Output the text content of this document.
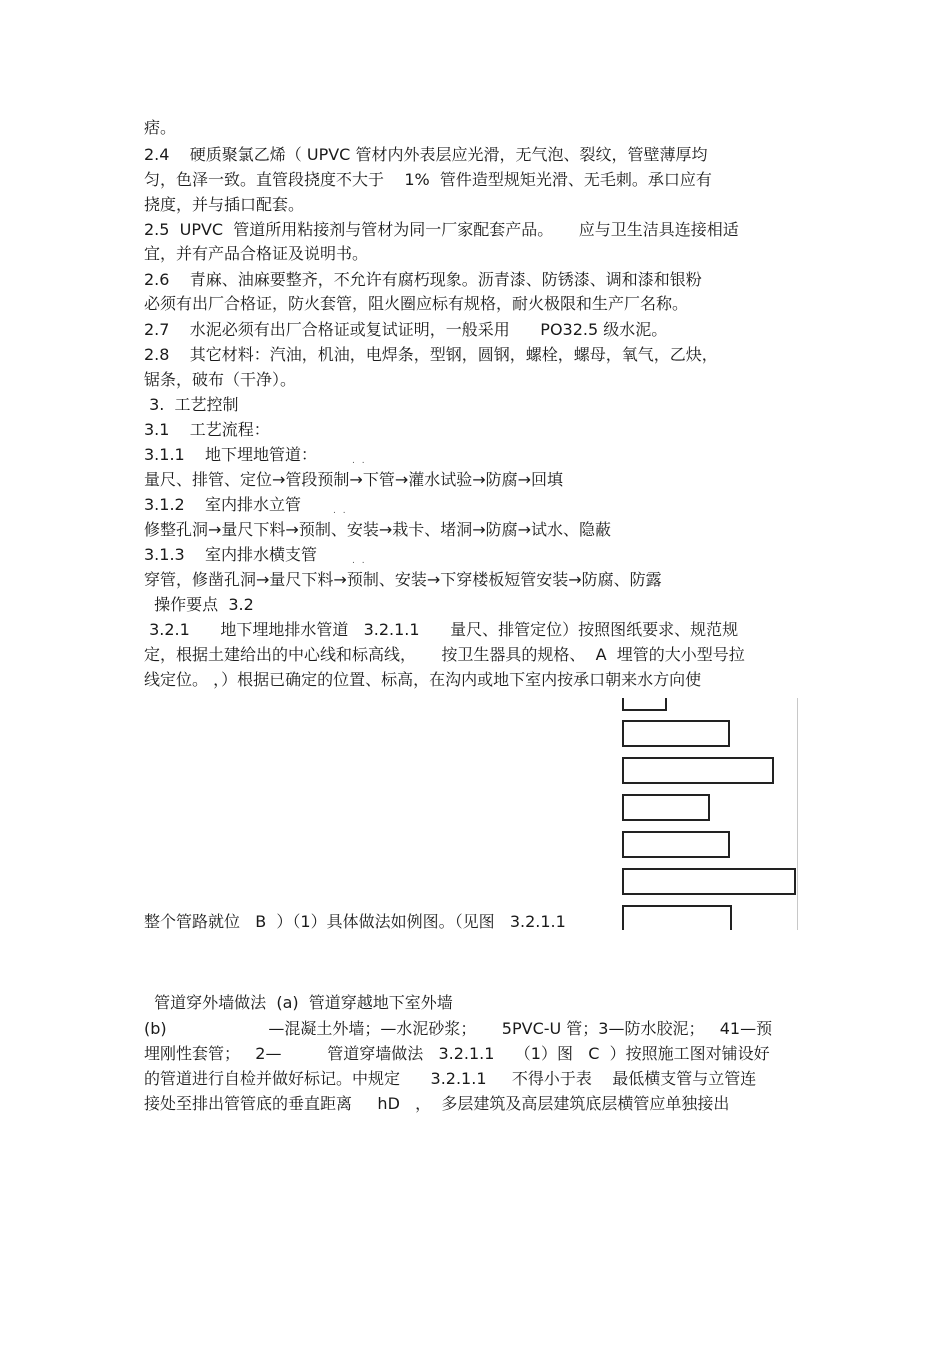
痞。
2.4    硬质聚氯乙烯（ UPVC 管材内外表层应光滑，无气泡、裂纹，管壁薄厚均
匀，色泽一致。直管段挠度不大于    1%  管件造型规矩光滑、无毛刺。承口应有
挠度，并与插口配套。
2.5  UPVC  管道所用粘接剂与管材为同一厂家配套产品。     应与卫生洁具连接相适
宜，并有产品合格证及说明书。
2.6    青麻、油麻要整齐，不允许有腐朽现象。沥青漆、防锈漆、调和漆和银粉
必须有出厂合格证，防火套管，阻火圈应标有规格，耐火极限和生产厂名称。
2.7    水泥必须有出厂合格证或复试证明，一般采用      PO32.5 级水泥。
2.8    其它材料：汽油，机油，电焊条，型钢，圆钢，螺栓，螺母，氧气，乙炔，
锯条，破布（干净）。
3.  工艺控制
3.1    工艺流程：
3.1.1    地下埋地管道：	. .
量尺、排管、定位→管段预制→下管→灌水试验→防腐→回填
3.1.2    室内排水立管	. .
修整孔洞→量尺下料→预制、安装→栽卡、堵洞→防腐→试水、隐蔽
3.1.3    室内排水横支管	. .
穿管，修凿孔洞→量尺下料→预制、安装→下穿楼板短管安装→防腐、防露
操作要点  3.2
3.2.1      地下埋地排水管道   3.2.1.1      量尺、排管定位）按照图纸要求、规范规
定，根据土建给出的中心线和标高线，     按卫生器具的规格、  A  埋管的大小型号拉
线定位。 ，）根据已确定的位置、标高，在沟内或地下室内按承口朝来水方向使
整个管路就位   B  ）（1）具体做法如例图。（见图   3.2.1.1
管道穿外墙做法  (a)  管道穿越地下室外墙
(b)                    —混凝土外墙；—水泥砂浆；     5PVC-U 管；3—防水胶泥；   41—预
埋刚性套管；   2—         管道穿墙做法   3.2.1.1    （1）图   C  ）按照施工图对铺设好
的管道进行自检并做好标记。中规定      3.2.1.1     不得小于表    最低横支管与立管连
接处至排出管管底的垂直距离     hD   ，  多层建筑及高层建筑底层横管应单独接出
